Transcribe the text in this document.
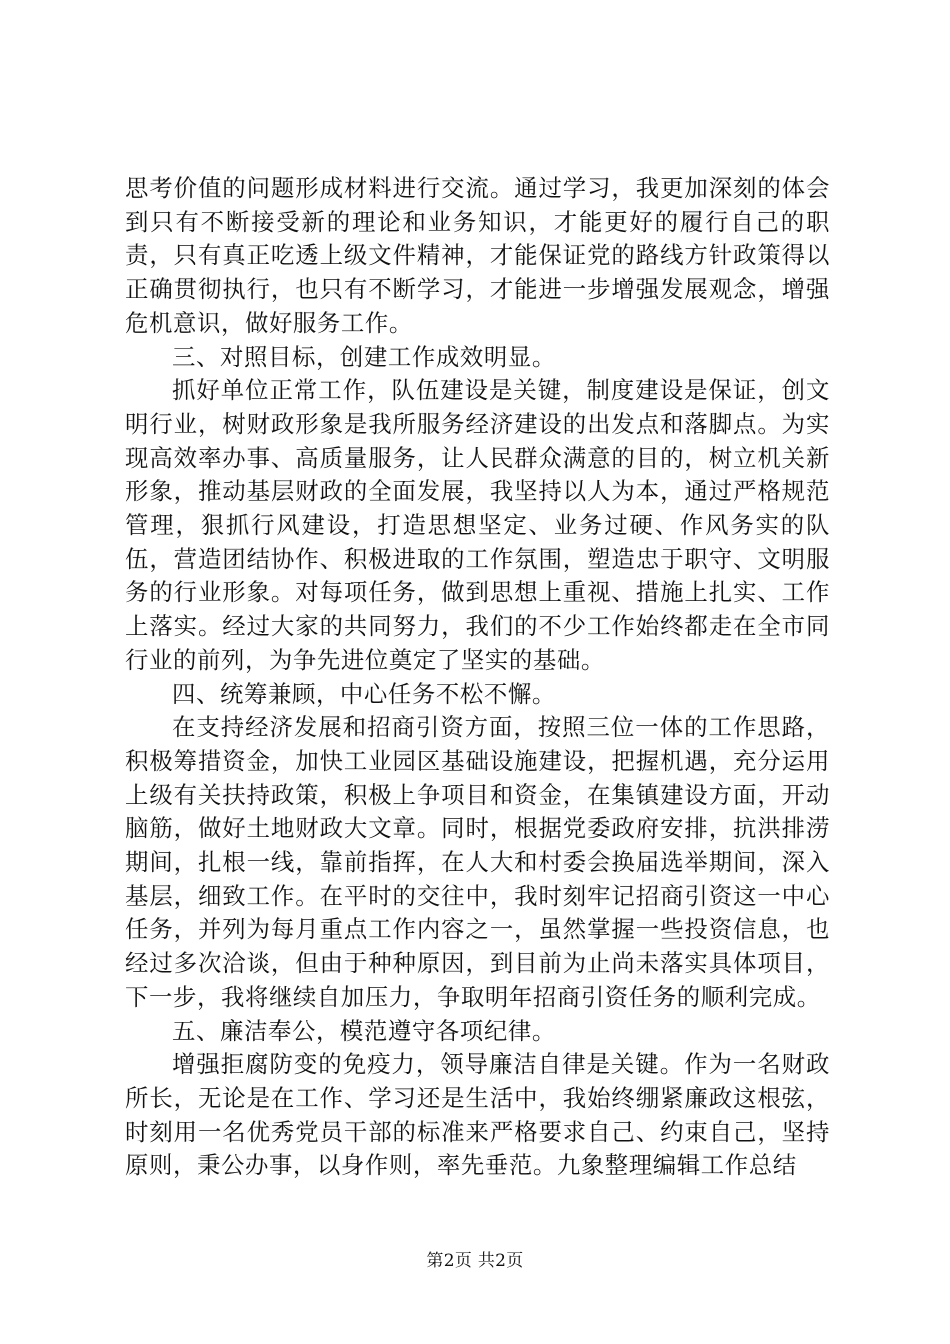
思考价值的问题形成材料进行交流。通过学习，我更加深刻的体会到只有不断接受新的理论和业务知识，才能更好的履行自己的职责，只有真正吃透上级文件精神，才能保证党的路线方针政策得以正确贯彻执行，也只有不断学习，才能进一步增强发展观念，增强危机意识，做好服务工作。

三、对照目标，创建工作成效明显。

抓好单位正常工作，队伍建设是关键，制度建设是保证，创文明行业，树财政形象是我所服务经济建设的出发点和落脚点。为实现高效率办事、高质量服务，让人民群众满意的目的，树立机关新形象，推动基层财政的全面发展，我坚持以人为本，通过严格规范管理，狠抓行风建设，打造思想坚定、业务过硬、作风务实的队伍，营造团结协作、积极进取的工作氛围，塑造忠于职守、文明服务的行业形象。对每项任务，做到思想上重视、措施上扎实、工作上落实。经过大家的共同努力，我们的不少工作始终都走在全市同行业的前列，为争先进位奠定了坚实的基础。

四、统筹兼顾，中心任务不松不懈。

在支持经济发展和招商引资方面，按照三位一体的工作思路，积极筹措资金，加快工业园区基础设施建设，把握机遇，充分运用上级有关扶持政策，积极上争项目和资金，在集镇建设方面，开动脑筋，做好土地财政大文章。同时，根据党委政府安排，抗洪排涝期间，扎根一线，靠前指挥，在人大和村委会换届选举期间，深入基层，细致工作。在平时的交往中，我时刻牢记招商引资这一中心任务，并列为每月重点工作内容之一，虽然掌握一些投资信息，也经过多次洽谈，但由于种种原因，到目前为止尚未落实具体项目，下一步，我将继续自加压力，争取明年招商引资任务的顺利完成。

五、廉洁奉公，模范遵守各项纪律。

增强拒腐防变的免疫力，领导廉洁自律是关键。作为一名财政所长，无论是在工作、学习还是生活中，我始终绷紧廉政这根弦，时刻用一名优秀党员干部的标准来严格要求自己、约束自己，坚持原则，秉公办事，以身作则，率先垂范。九象整理编辑工作总结

第2页 共2页
